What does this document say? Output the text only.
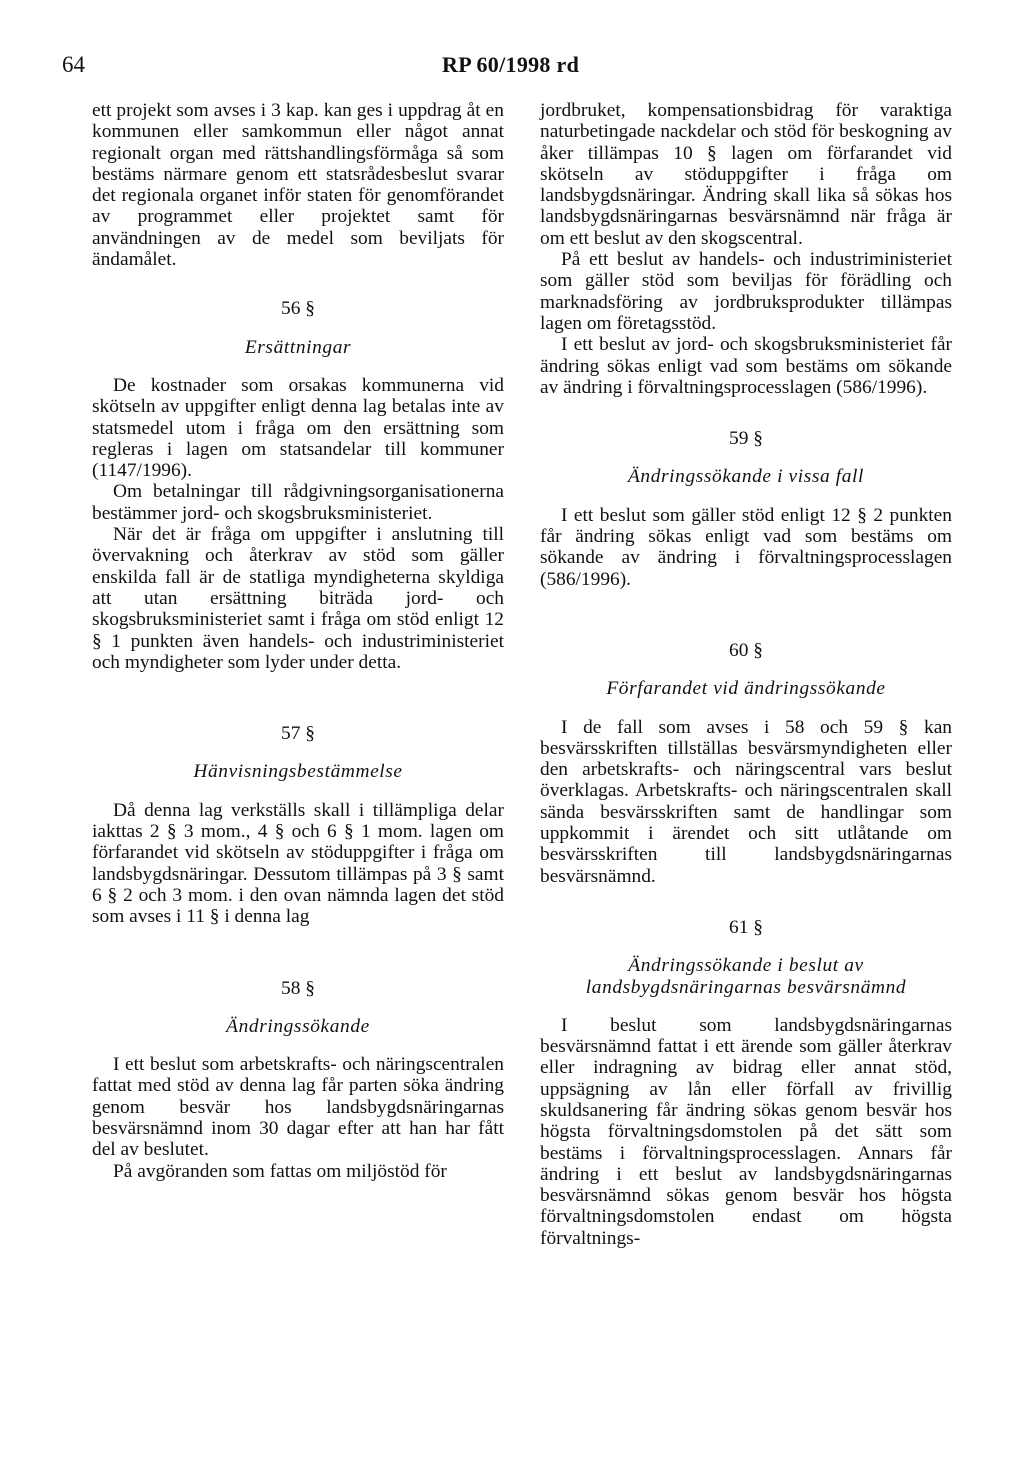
64	RP 60/1998 rd

ett projekt som avses i 3 kap. kan ges i uppdrag åt en kommunen eller samkommun eller något annat regionalt organ med rättshandlingsförmåga så som bestäms närmare genom ett statsrådesbeslut svarar det regionala organet inför staten för genomförandet av programmet eller projektet samt för användningen av de medel som beviljats för ändamålet.

56 §

Ersättningar

De kostnader som orsakas kommunerna vid skötseln av uppgifter enligt denna lag betalas inte av statsmedel utom i fråga om den ersättning som regleras i lagen om statsandelar till kommuner (1147/1996).

Om betalningar till rådgivningsorganisationerna bestämmer jord- och skogsbruksministeriet.

När det är fråga om uppgifter i anslutning till övervakning och återkrav av stöd som gäller enskilda fall är de statliga myndigheterna skyldiga att utan ersättning biträda jord- och skogsbruksministeriet samt i fråga om stöd enligt 12 § 1 punkten även handels- och industriministeriet och myndigheter som lyder under detta.

57 §

Hänvisningsbestämmelse

Då denna lag verkställs skall i tillämpliga delar iakttas 2 § 3 mom., 4 § och 6 § 1 mom. lagen om förfarandet vid skötseln av stöduppgifter i fråga om landsbygdsnäringar. Dessutom tillämpas på 3 § samt 6 § 2 och 3 mom. i den ovan nämnda lagen det stöd som avses i 11 § i denna lag

58 §

Ändringssökande

I ett beslut som arbetskrafts- och näringscentralen fattat med stöd av denna lag får parten söka ändring genom besvär hos landsbygdsnäringarnas besvärsnämnd inom 30 dagar efter att han har fått del av beslutet.

På avgöranden som fattas om miljöstöd för

jordbruket, kompensationsbidrag för varaktiga naturbetingade nackdelar och stöd för beskogning av åker tillämpas 10 § lagen om förfarandet vid skötseln av stöduppgifter i fråga om landsbygdsnäringar. Ändring skall lika så sökas hos landsbygdsnäringarnas besvärsnämnd när fråga är om ett beslut av den skogscentral.

På ett beslut av handels- och industriministeriet som gäller stöd som beviljas för förädling och marknadsföring av jordbruksprodukter tillämpas lagen om företagsstöd.

I ett beslut av jord- och skogsbruksministeriet får ändring sökas enligt vad som bestäms om sökande av ändring i förvaltningsprocesslagen (586/1996).

59 §

Ändringssökande i vissa fall

I ett beslut som gäller stöd enligt 12 § 2 punkten får ändring sökas enligt vad som bestäms om sökande av ändring i förvaltningsprocesslagen (586/1996).

60 §

Förfarandet vid ändringssökande

I de fall som avses i 58 och 59 § kan besvärsskriften tillställas besvärsmyndigheten eller den arbetskrafts- och näringscentral vars beslut överklagas. Arbetskrafts- och näringscentralen skall sända besvärsskriften samt de handlingar som uppkommit i ärendet och sitt utlåtande om besvärsskriften till landsbygdsnäringarnas besvärsnämnd.

61 §

Ändringssökande i beslut av landsbygdsnäringarnas besvärsnämnd

I beslut som landsbygdsnäringarnas besvärsnämnd fattat i ett ärende som gäller återkrav eller indragning av bidrag eller annat stöd, uppsägning av lån eller förfall av frivillig skuldsanering får ändring sökas genom besvär hos högsta förvaltningsdomstolen på det sätt som bestäms i förvaltningsprocesslagen. Annars får ändring i ett beslut av landsbygdsnäringarnas besvärsnämnd sökas genom besvär hos högsta förvaltningsdomstolen endast om högsta förvaltnings-
